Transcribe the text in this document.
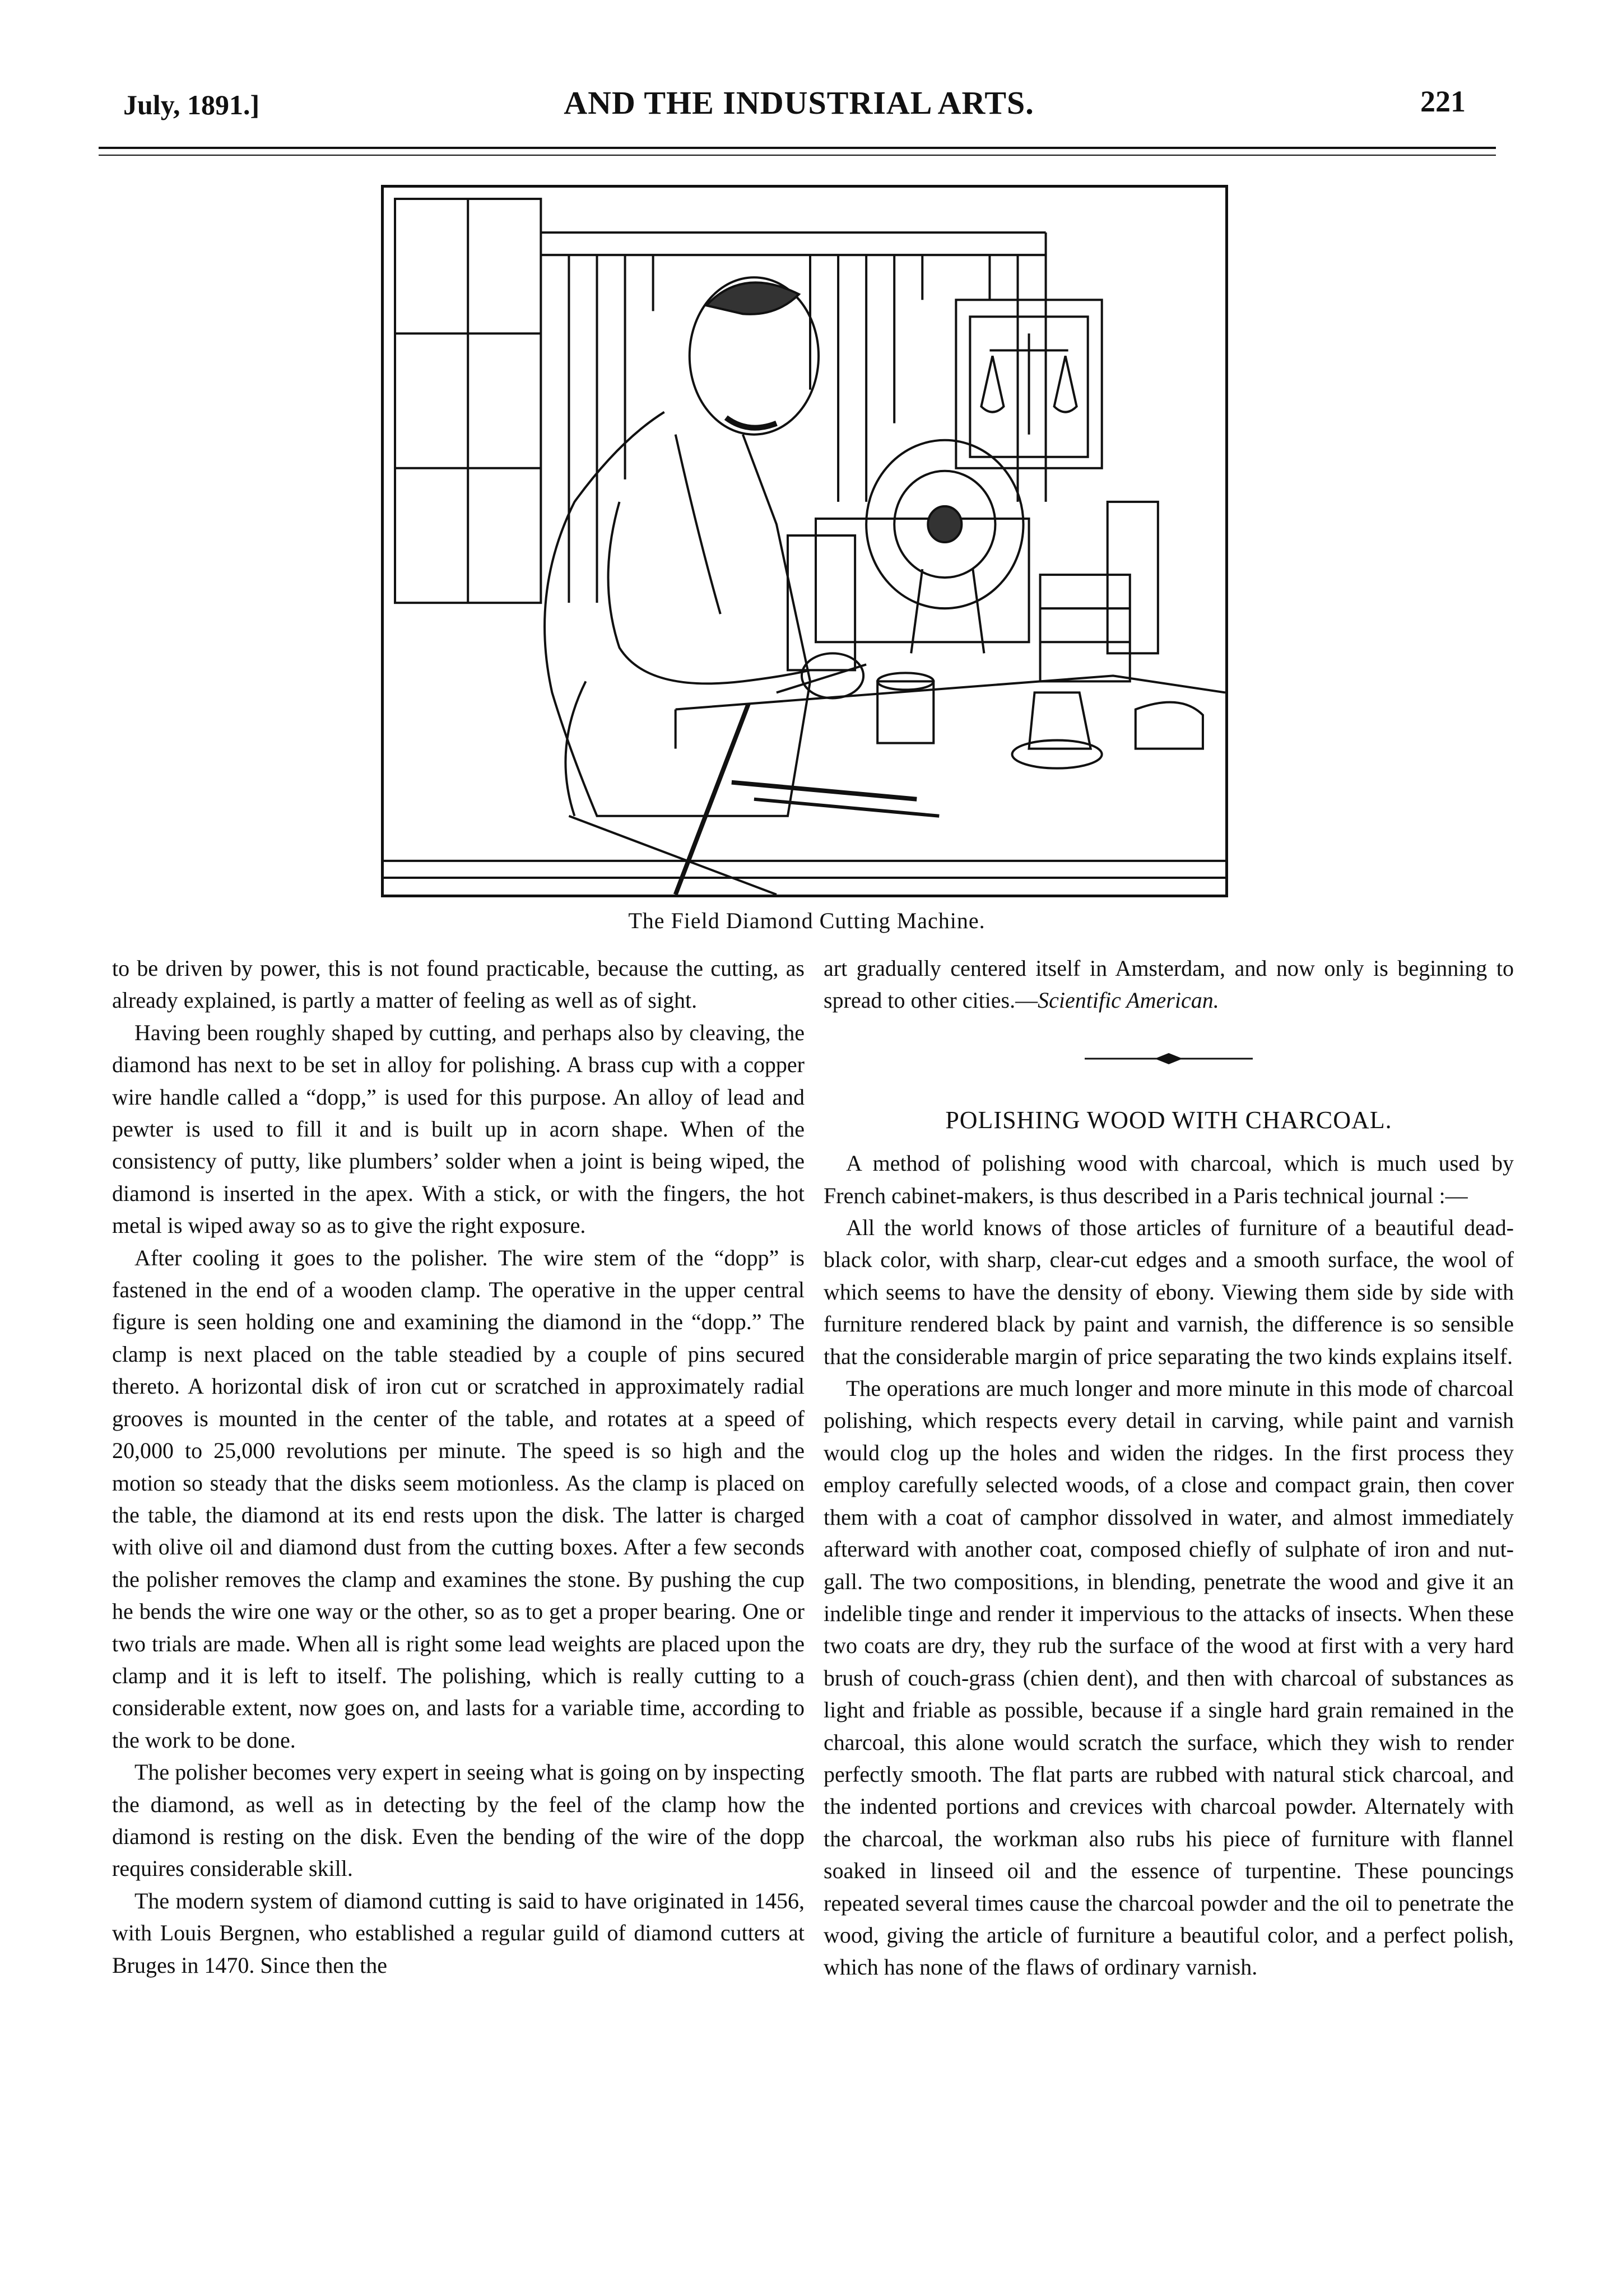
July, 1891.]	AND THE INDUSTRIAL ARTS.	221
The Field Diamond Cutting Machine.

to be driven by power, this is not found practicable, because the cutting, as already explained, is partly a matter of feeling as well as of sight.

Having been roughly shaped by cutting, and perhaps also by cleaving, the diamond has next to be set in alloy for polishing. A brass cup with a copper wire handle called a “dopp,” is used for this purpose. An alloy of lead and pewter is used to fill it and is built up in acorn shape. When of the consistency of putty, like plumbers’ solder when a joint is being wiped, the diamond is inserted in the apex. With a stick, or with the fingers, the hot metal is wiped away so as to give the right exposure.

After cooling it goes to the polisher. The wire stem of the “dopp” is fastened in the end of a wooden clamp. The operative in the upper central figure is seen holding one and examining the diamond in the “dopp.” The clamp is next placed on the table steadied by a couple of pins secured thereto. A horizontal disk of iron cut or scratched in approximately radial grooves is mounted in the center of the table, and rotates at a speed of 20,000 to 25,000 revolutions per minute. The speed is so high and the motion so steady that the disks seem motionless. As the clamp is placed on the table, the diamond at its end rests upon the disk. The latter is charged with olive oil and diamond dust from the cutting boxes. After a few seconds the polisher removes the clamp and examines the stone. By pushing the cup he bends the wire one way or the other, so as to get a proper bearing. One or two trials are made. When all is right some lead weights are placed upon the clamp and it is left to itself. The polishing, which is really cutting to a considerable extent, now goes on, and lasts for a variable time, according to the work to be done.

The polisher becomes very expert in seeing what is going on by inspecting the diamond, as well as in detecting by the feel of the clamp how the diamond is resting on the disk. Even the bending of the wire of the dopp requires considerable skill.

The modern system of diamond cutting is said to have originated in 1456, with Louis Bergnen, who established a regular guild of diamond cutters at Bruges in 1470. Since then the

art gradually centered itself in Amsterdam, and now only is beginning to spread to other cities.—Scientific American.

POLISHING WOOD WITH CHARCOAL.

A method of polishing wood with charcoal, which is much used by French cabinet-makers, is thus described in a Paris technical journal :—

All the world knows of those articles of furniture of a beautiful dead-black color, with sharp, clear-cut edges and a smooth surface, the wool of which seems to have the density of ebony. Viewing them side by side with furniture rendered black by paint and varnish, the difference is so sensible that the considerable margin of price separating the two kinds explains itself.

The operations are much longer and more minute in this mode of charcoal polishing, which respects every detail in carving, while paint and varnish would clog up the holes and widen the ridges. In the first process they employ carefully selected woods, of a close and compact grain, then cover them with a coat of camphor dissolved in water, and almost immediately afterward with another coat, composed chiefly of sulphate of iron and nut-gall. The two compositions, in blending, penetrate the wood and give it an indelible tinge and render it impervious to the attacks of insects. When these two coats are dry, they rub the surface of the wood at first with a very hard brush of couch-grass (chien dent), and then with charcoal of substances as light and friable as possible, because if a single hard grain remained in the charcoal, this alone would scratch the surface, which they wish to render perfectly smooth. The flat parts are rubbed with natural stick charcoal, and the indented portions and crevices with charcoal powder. Alternately with the charcoal, the workman also rubs his piece of furniture with flannel soaked in linseed oil and the essence of turpentine. These pouncings repeated several times cause the charcoal powder and the oil to penetrate the wood, giving the article of furniture a beautiful color, and a perfect polish, which has none of the flaws of ordinary varnish.
